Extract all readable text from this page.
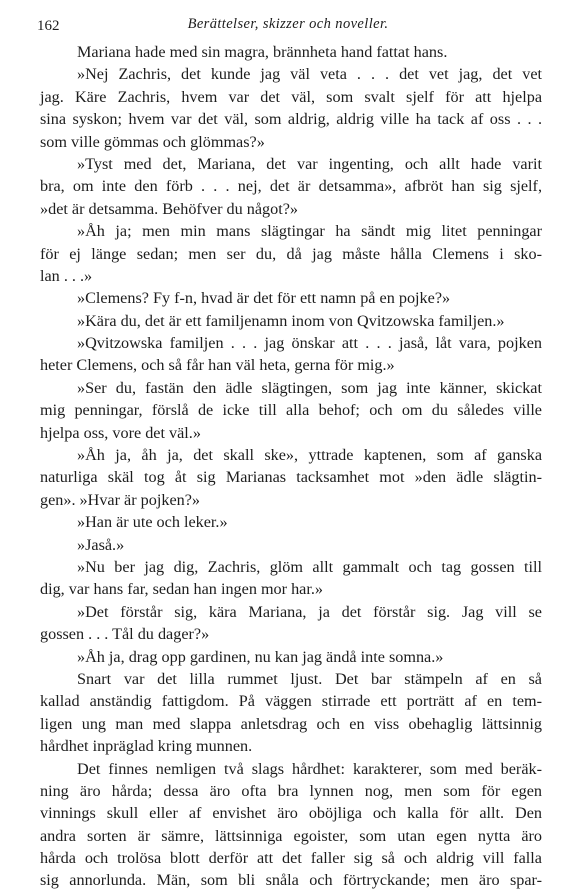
162	Berättelser, skizzer och noveller.
Mariana hade med sin magra, brännheta hand fattat hans.
»Nej Zachris, det kunde jag väl veta . . . det vet jag, det vet
jag. Käre Zachris, hvem var det väl, som svalt sjelf för att hjelpa
sina syskon; hvem var det väl, som aldrig, aldrig ville ha tack af oss . . .
som ville gömmas och glömmas?»
»Tyst med det, Mariana, det var ingenting, och allt hade varit
bra, om inte den förb . . . nej, det är detsamma», afbröt han sig sjelf,
»det är detsamma. Behöfver du något?»
»Åh ja; men min mans slägtingar ha sändt mig litet penningar
för ej länge sedan; men ser du, då jag måste hålla Clemens i sko-
lan . . .»
»Clemens? Fy f-n, hvad är det för ett namn på en pojke?»
»Kära du, det är ett familjenamn inom von Qvitzowska familjen.»
»Qvitzowska familjen . . . jag önskar att . . . jaså, låt vara, pojken
heter Clemens, och så får han väl heta, gerna för mig.»
»Ser du, fastän den ädle slägtingen, som jag inte känner, skickat
mig penningar, förslå de icke till alla behof; och om du således ville
hjelpa oss, vore det väl.»
»Åh ja, åh ja, det skall ske», yttrade kaptenen, som af ganska
naturliga skäl tog åt sig Marianas tacksamhet mot »den ädle slägtin-
gen». »Hvar är pojken?»
»Han är ute och leker.»
»Jaså.»
»Nu ber jag dig, Zachris, glöm allt gammalt och tag gossen till
dig, var hans far, sedan han ingen mor har.»
»Det förstår sig, kära Mariana, ja det förstår sig. Jag vill se
gossen . . . Tål du dager?»
»Åh ja, drag opp gardinen, nu kan jag ändå inte somna.»
Snart var det lilla rummet ljust. Det bar stämpeln af en så
kallad anständig fattigdom. På väggen stirrade ett porträtt af en tem-
ligen ung man med slappa anletsdrag och en viss obehaglig lättsinnig
hårdhet inpräglad kring munnen.
Det finnes nemligen två slags hårdhet: karakterer, som med beräk-
ning äro hårda; dessa äro ofta bra lynnen nog, men som för egen
vinnings skull eller af envishet äro oböjliga och kalla för allt. Den
andra sorten är sämre, lättsinniga egoister, som utan egen nytta äro
hårda och trolösa blott derför att det faller sig så och aldrig vill falla
sig annorlunda. Män, som bli snåla och förtryckande; men äro spar-
